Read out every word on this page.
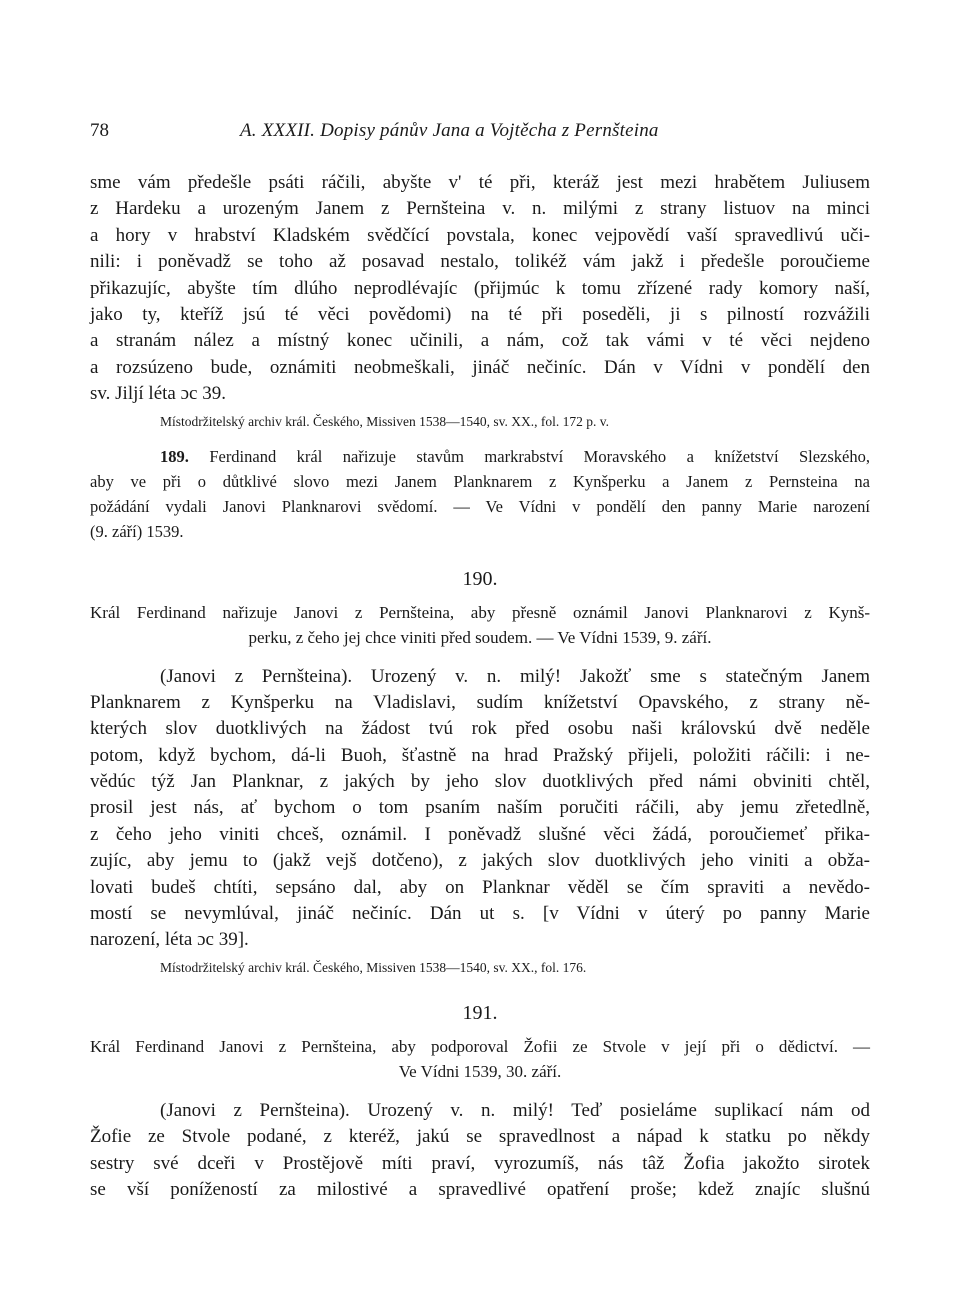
78	A. XXXII. Dopisy pánův Jana a Vojtěcha z Pernšteina
sme vám předešle psáti ráčili, abyšte v' té při, kteráž jest mezi hrabětem Juliusem
z Hardeku a urozeným Janem z Pernšteina v. n. milými z strany listuov na minci
a hory v hrabství Kladském svědčící povstala, konec vejpovědí vaší spravedlivú uči-
nili: i poněvadž se toho až posavad nestalo, tolikéž vám jakž i předešle poroučieme
přikazujíc, abyšte tím dlúho neprodlévajíc (přijmúc k tomu zřízené rady komory naší,
jako ty, kteříž jsú té věci povědomi) na té při poseděli, ji s pilností rozvážili
a stranám nález a místný konec učinili, a nám, což tak vámi v té věci nejdeno
a rozsúzeno bude, oznámiti neobmeškali, jináč nečiníc. Dán v Vídni v pondělí den
sv. Jiljí léta ɔc 39.
Místodržitelský archiv král. Českého, Missiven 1538—1540, sv. XX., fol. 172 p. v.
189. Ferdinand král nařizuje stavům markrabství Moravského a knížetství Slezského,
aby ve při o důtklivé slovo mezi Janem Planknarem z Kynšperku a Janem z Pernsteina na
požádání vydali Janovi Planknarovi svědomí. — Ve Vídni v pondělí den panny Marie narození
(9. září) 1539.
190.
Král Ferdinand nařizuje Janovi z Pernšteina, aby přesně oznámil Janovi Planknarovi z Kynš-
perku, z čeho jej chce viniti před soudem. — Ve Vídni 1539, 9. září.
(Janovi z Pernšteina). Urozený v. n. milý! Jakožť sme s statečným Janem
Planknarem z Kynšperku na Vladislavi, sudím knížetství Opavského, z strany ně-
kterých slov duotklivých na žádost tvú rok před osobu naši královskú dvě neděle
potom, když bychom, dá-li Buoh, šťastně na hrad Pražský přijeli, položiti ráčili: i ne-
vědúc týž Jan Planknar, z jakých by jeho slov duotklivých před námi obviniti chtěl,
prosil jest nás, ať bychom o tom psaním naším poručiti ráčili, aby jemu zřetedlně,
z čeho jeho viniti chceš, oznámil. I poněvadž slušné věci žádá, poroučiemeť přika-
zujíc, aby jemu to (jakž vejš dotčeno), z jakých slov duotklivých jeho viniti a obža-
lovati budeš chtíti, sepsáno dal, aby on Planknar věděl se čím spraviti a nevědo-
mostí se nevymlúval, jináč nečiníc. Dán ut s. [v Vídni v úterý po panny Marie
narození, léta ɔc 39].
Místodržitelský archiv král. Českého, Missiven 1538—1540, sv. XX., fol. 176.
191.
Král Ferdinand Janovi z Pernšteina, aby podporoval Žofii ze Stvole v její při o dědictví. —
Ve Vídni 1539, 30. září.
(Janovi z Pernšteina). Urozený v. n. milý! Teď posieláme suplikací nám od
Žofie ze Stvole podané, z kteréž, jakú se spravedlnost a nápad k statku po někdy
sestry své dceři v Prostějově míti praví, vyrozumíš, nás tâž Žofia jakožto sirotek
se vší ponížeností za milostivé a spravedlivé opatření proše; kdež znajíc slušnú
